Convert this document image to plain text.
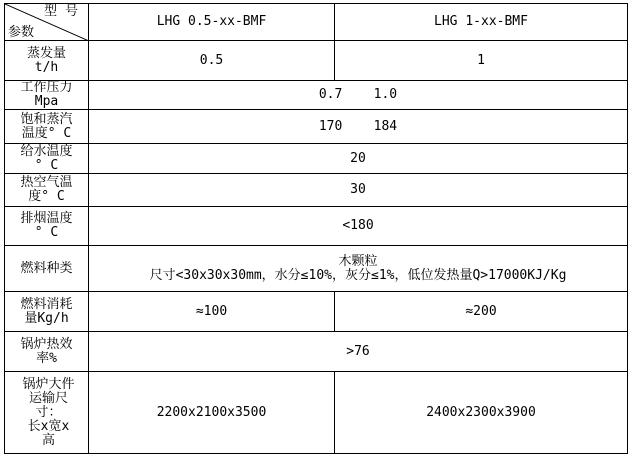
型 号
参数	LHG 0.5-xx-BMF	LHG 1-xx-BMF

蒸发量
t/h	0.5	1

工作压力
Mpa	0.7    1.0	

饱和蒸汽
温度° C	170    184	

给水温度
° C	20	

热空气温
度° C	30	

排烟温度
° C	<180	

燃料种类	木颗粒
尺寸<30x30x30mm，水分≤10%，灰分≤1%，低位发热量Q>17000KJ/Kg	

燃料消耗
量Kg/h	≈100	≈200

锅炉热效
率%	>76	

锅炉大件
运输尺
寸：
长x宽x
高	2200x2100x3500	2400x2300x3900
